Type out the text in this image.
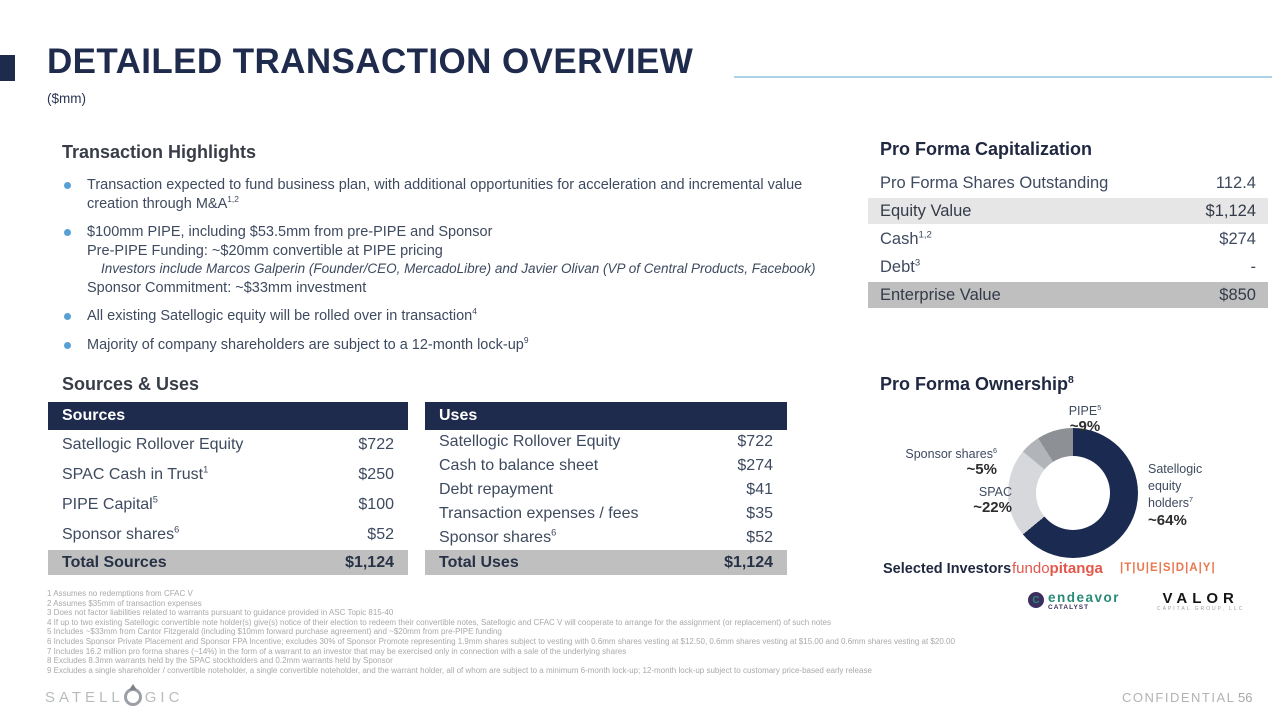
DETAILED TRANSACTION OVERVIEW
($mm)
Transaction Highlights
Transaction expected to fund business plan, with additional opportunities for acceleration and incremental value creation through $M\&A^{1,2}$
$100mm PIPE, including $53.5mm from pre-PIPE and Sponsor
Pre-PIPE Funding: ~$20mm convertible at PIPE pricing
Investors include Marcos Galperin (Founder/CEO, MercadoLibre) and Javier Olivan (VP of Central Products, Facebook)
Sponsor Commitment: ~$33mm investment
All existing Satellogic equity will be rolled over in transaction$^4$
Majority of company shareholders are subject to a 12-month lock-$up^9$
Pro Forma Capitalization
Pro Forma Shares Outstanding	112.4
Equity Value	$1,124
Cash$^{1,2}$	$274
Debt$^3$	-
Enterprise Value	$850
Sources & Uses
Sources
Satellogic Rollover Equity	$722
SPAC Cash in Trust$^1$	$250
PIPE Capital$^5$	$100
Sponsor shares$^6$	$52
Total Sources	$1,124
Uses
Satellogic Rollover Equity	$722
Cash to balance sheet	$274
Debt repayment	$41
Transaction expenses / fees	$35
Sponsor shares$^6$	$52
Total Uses	$1,124
Pro Forma Ownership$^8$
PIPE$^5$
~9%
Sponsor shares$^6$
~5%
SPAC
~22%
Satellogic equity holders$^7$
~64%
Selected Investors fundopitanga |T|U|E|S|D|A|Y|
C endeavor
CATALYST
VALOR
CAPITAL GROUP, LLC
1 Assumes no redemptions from CFAC V
2 Assumes $35mm of transaction expenses
3 Does not factor liabilities related to warrants pursuant to guidance provided in ASC Topic 815-40
4 If up to two existing Satellogic convertible note holder(s) give(s) notice of their election to redeem their convertible notes, Satellogic and CFAC V will cooperate to arrange for the assignment (or replacement) of such notes
5 Includes ~$33mm from Cantor Fitzgerald (including $10mm forward purchase agreement) and ~$20mm from pre-PIPE funding
6 Includes Sponsor Private Placement and Sponsor FPA Incentive; excludes 30% of Sponsor Promote representing 1.9mm shares subject to vesting with 0.6mm shares vesting at $12.50, 0.6mm shares vesting at $15.00 and 0.6mm shares vesting at $20.00
7 Includes 16.2 million pro forma shares (~14%) in the form of a warrant to an investor that may be exercised only in connection with a sale of the underlying shares
8 Excludes 8.3mm warrants held by the SPAC stockholders and 0.2mm warrants held by Sponsor
9 Excludes a single shareholder / convertible noteholder, a single convertible noteholder, and the warrant holder, all of whom are subject to a minimum 6-month lock-up; 12-month lock-up subject to customary price-based early release
SATELL GIC	CONFIDENTIAL 56
